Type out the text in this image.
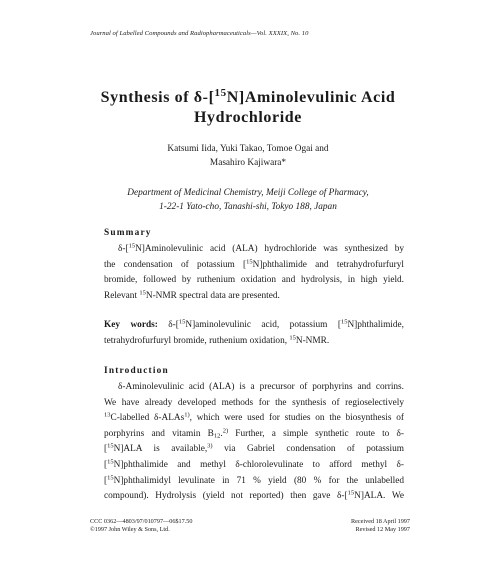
Journal of Labelled Compounds and Radiopharmaceuticals—Vol. XXXIX, No. 10
Synthesis of δ-[$^{15}$N]Aminolevulinic Acid
Hydrochloride
Katsumi Iida, Yuki Takao, Tomoe Ogai and
Masahiro Kajiwara*
Department of Medicinal Chemistry, Meiji College of Pharmacy,
1-22-1 Yato-cho, Tanashi-shi, Tokyo 188, Japan
Summary

δ-[$^{15}$N]Aminolevulinic acid (ALA) hydrochloride was synthesized by

the condensation of potassium [$^{15}$N]phthalimide and tetrahydrofurfuryl

bromide, followed by ruthenium oxidation and hydrolysis, in high yield.

Relevant $^{15}$N-NMR spectral data are presented.

Key words: δ-[$^{15}$N]aminolevulinic acid, potassium [$^{15}$N]phthalimide,

tetrahydrofurfuryl bromide, ruthenium oxidation, $^{15}$N-NMR.

Introduction

δ-Aminolevulinic acid (ALA) is a precursor of porphyrins and corrins.

We have already developed methods for the synthesis of regioselectively

$^{13}$C-labelled δ-ALAs$^{1)}$, which were used for studies on the biosynthesis of

porphyrins and vitamin $B_{12}.^{2)}$ Further, a simple synthetic route to δ-

[$^{15}$N]ALA is available,$^{3)}$ via Gabriel condensation of potassium

[$^{15}$N]phthalimide and methyl δ-chlorolevulinate to afford methyl δ-

[$^{15}$N]phthalimidyl levulinate in 71 % yield (80 % for the unlabelled

compound). Hydrolysis (yield not reported) then gave δ-[$^{15}$N]ALA. We

CCC 0362—4803/97/010797—06$17.50
©1997 John Wiley & Sons, Ltd.
Received 18 April 1997
Revised 12 May 1997
